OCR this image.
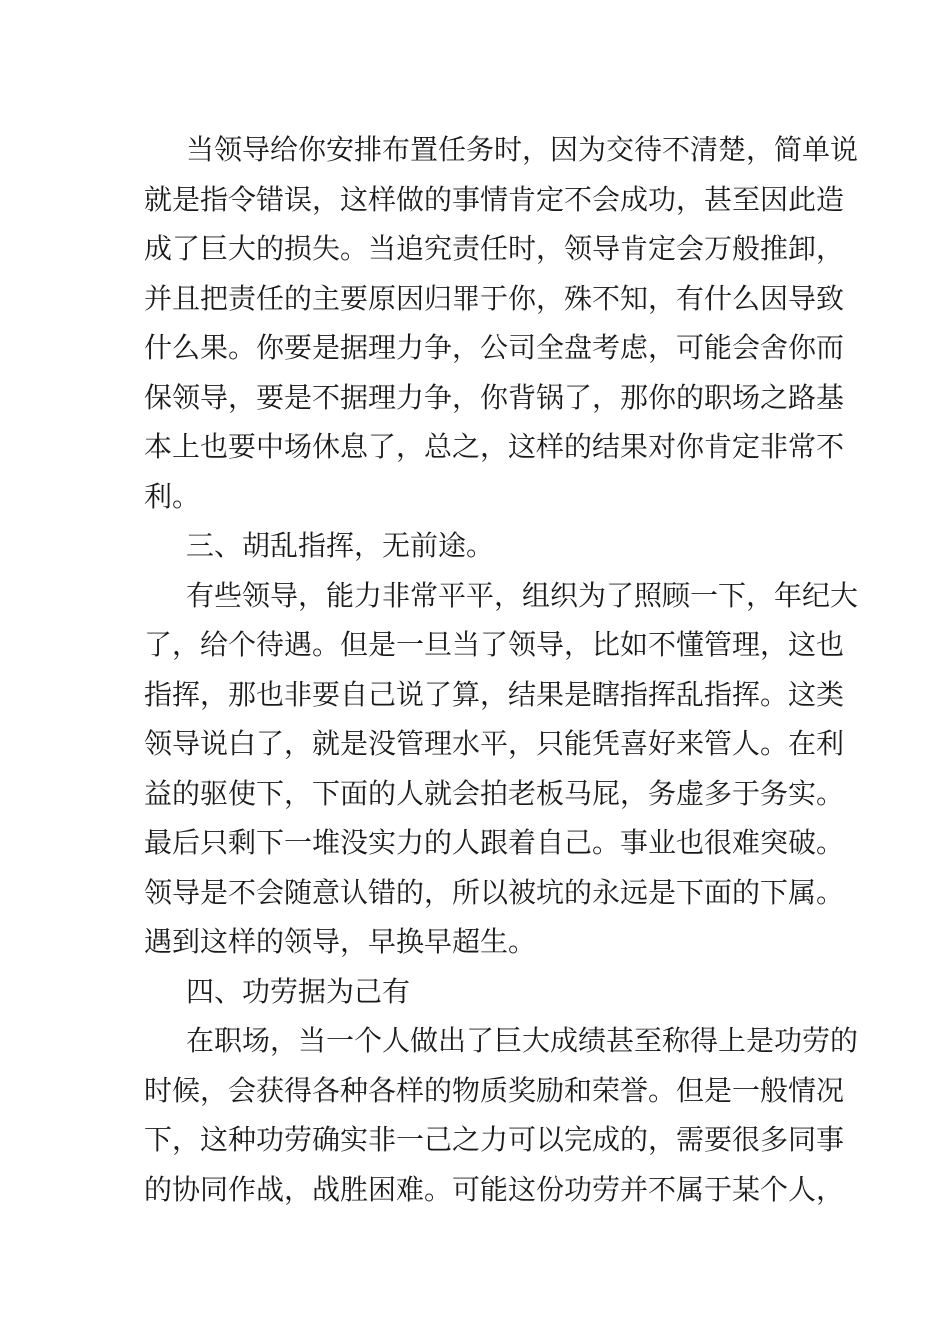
当领导给你安排布置任务时，因为交待不清楚，简单说
就是指令错误，这样做的事情肯定不会成功，甚至因此造
成了巨大的损失。当追究责任时，领导肯定会万般推卸，
并且把责任的主要原因归罪于你，殊不知，有什么因导致
什么果。你要是据理力争，公司全盘考虑，可能会舍你而
保领导，要是不据理力争，你背锅了，那你的职场之路基
本上也要中场休息了，总之，这样的结果对你肯定非常不
利。
三、胡乱指挥，无前途。
有些领导，能力非常平平，组织为了照顾一下，年纪大
了，给个待遇。但是一旦当了领导，比如不懂管理，这也
指挥，那也非要自己说了算，结果是瞎指挥乱指挥。这类
领导说白了，就是没管理水平，只能凭喜好来管人。在利
益的驱使下，下面的人就会拍老板马屁，务虚多于务实。
最后只剩下一堆没实力的人跟着自己。事业也很难突破。
领导是不会随意认错的，所以被坑的永远是下面的下属。
遇到这样的领导，早换早超生。
四、功劳据为己有
在职场，当一个人做出了巨大成绩甚至称得上是功劳的
时候，会获得各种各样的物质奖励和荣誉。但是一般情况
下，这种功劳确实非一己之力可以完成的，需要很多同事
的协同作战，战胜困难。可能这份功劳并不属于某个人，
